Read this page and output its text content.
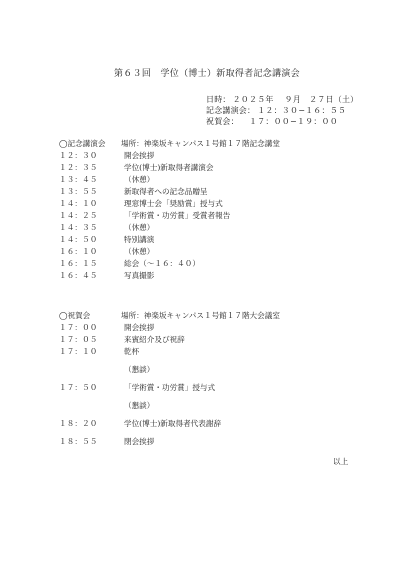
第６３回　学位（博士）新取得者記念講演会
日時： ２０２５年　 ９月　２７日（土）
記念講演会： １２：３０−１６：５５
祝賀会：　１７：００−１９：００
◯記念講演会	場所：神楽坂キャンパス１号館１７階記念講堂
１２：３０	開会挨拶
１２：３５	学位(博士)新取得者講演会
１３：４５	（休憩）
１３：５５	新取得者への記念品贈呈
１４：１０	理窓博士会「奨励賞」授与式
１４：２５	「学術賞・功労賞」受賞者報告
１４：３５	（休憩）
１４：５０	特別講演
１６：１０	（休憩）
１６：１５	総会（〜１６：４０）
１６：４５	写真撮影
◯祝賀会	場所：神楽坂キャンパス１号館１７階大会議室
１７：００	開会挨拶
１７：０５	来賓紹介及び祝辞
１７：１０	乾杯
（懇談）
１７：５０	「学術賞・功労賞」授与式
（懇談）
１８：２０	学位(博士)新取得者代表謝辞
１８：５５	閉会挨拶
以上
